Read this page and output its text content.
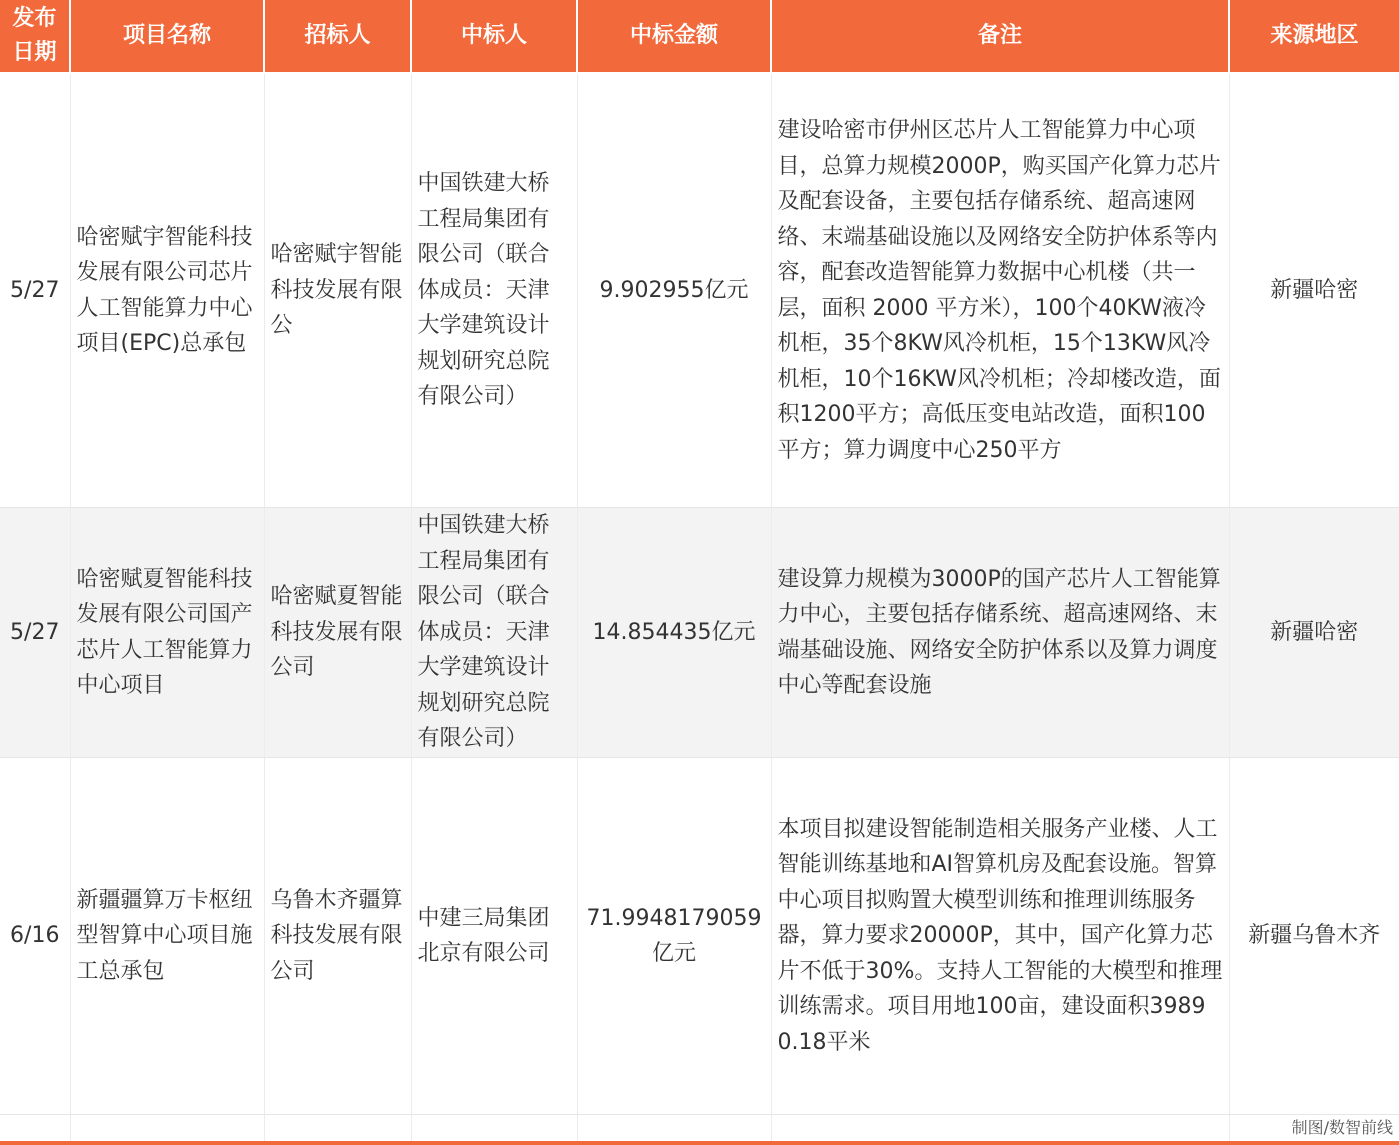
发布日期	项目名称	招标人	中标人	中标金额	备注	来源地区
5/27	哈密赋宇智能科技发展有限公司芯片人工智能算力中心项目(EPC)总承包	哈密赋宇智能科技发展有限公	中国铁建大桥工程局集团有限公司（联合体成员：天津大学建筑设计规划研究总院有限公司）	9.902955亿元	建设哈密市伊州区芯片人工智能算力中心项目，总算力规模2000P，购买国产化算力芯片及配套设备，主要包括存储系统、超高速网络、末端基础设施以及网络安全防护体系等内容，配套改造智能算力数据中心机楼（共一层，面积 2000 平方米），100个40KW液冷机柜，35个8KW风冷机柜，15个13KW风冷机柜，10个16KW风冷机柜；冷却楼改造，面积1200平方；高低压变电站改造，面积100平方；算力调度中心250平方	新疆哈密
5/27	哈密赋夏智能科技发展有限公司国产芯片人工智能算力中心项目	哈密赋夏智能科技发展有限公司	中国铁建大桥工程局集团有限公司（联合体成员：天津大学建筑设计规划研究总院有限公司）	14.854435亿元	建设算力规模为3000P的国产芯片人工智能算力中心，主要包括存储系统、超高速网络、末端基础设施、网络安全防护体系以及算力调度中心等配套设施	新疆哈密
6/16	新疆疆算万卡枢纽型智算中心项目施工总承包	乌鲁木齐疆算科技发展有限公司	中建三局集团北京有限公司	71.9948179059亿元	本项目拟建设智能制造相关服务产业楼、人工智能训练基地和AI智算机房及配套设施。智算中心项目拟购置大模型训练和推理训练服务器，算力要求20000P，其中，国产化算力芯片不低于30%。支持人工智能的大模型和推理训练需求。项目用地100亩，建设面积39890.18平米	新疆乌鲁木齐

制图/数智前线
